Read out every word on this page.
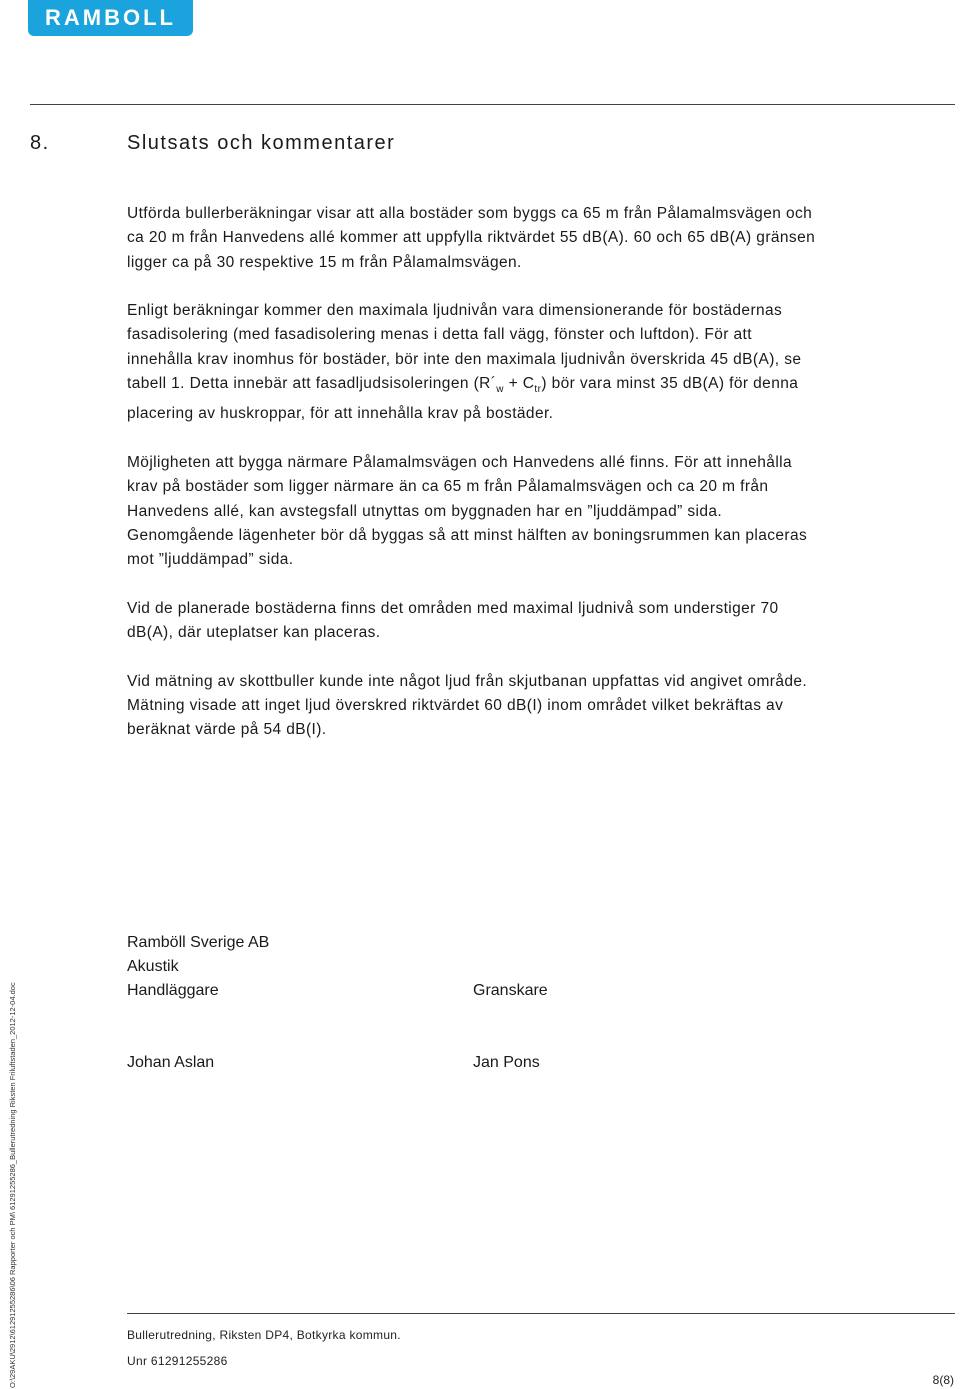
RAMBOLL
8.	Slutsats och kommentarer

Utförda bullerberäkningar visar att alla bostäder som byggs ca 65 m från Pålamalmsvägen och ca 20 m från Hanvedens allé kommer att uppfylla riktvärdet 55 dB(A). 60 och 65 dB(A) gränsen ligger ca på 30 respektive 15 m från Pålamalmsvägen.

Enligt beräkningar kommer den maximala ljudnivån vara dimensionerande för bostädernas fasadisolering (med fasadisolering menas i detta fall vägg, fönster och luftdon). För att innehålla krav inomhus för bostäder, bör inte den maximala ljudnivån överskrida 45 dB(A), se tabell 1. Detta innebär att fasadljudsisoleringen $(R´_w + C_{tr})$ bör vara minst 35 dB(A) för denna placering av huskroppar, för att innehålla krav på bostäder.

Möjligheten att bygga närmare Pålamalmsvägen och Hanvedens allé finns. För att innehålla krav på bostäder som ligger närmare än ca 65 m från Pålamalmsvägen och ca 20 m från Hanvedens allé, kan avstegsfall utnyttas om byggnaden har en ”ljuddämpad” sida. Genomgående lägenheter bör då byggas så att minst hälften av boningsrummen kan placeras mot ”ljuddämpad” sida.

Vid de planerade bostäderna finns det områden med maximal ljudnivå som understiger 70 dB(A), där uteplatser kan placeras.

Vid mätning av skottbuller kunde inte något ljud från skjutbanan uppfattas vid angivet område. Mätning visade att inget ljud överskred riktvärdet 60 dB(I) inom området vilket bekräftas av beräknat värde på 54 dB(I).

Ramböll Sverige AB
Akustik
Handläggare	Granskare
Johan Aslan	Jan Pons
O:\29AKU\2912\61291255286\06 Rapporter och PM\ 61291255286_Bullerutredning Riksten Friluftstaden_2012-12-04.doc	Bullerutredning, Riksten DP4, Botkyrka kommun.
Unr 61291255286
8(8)
